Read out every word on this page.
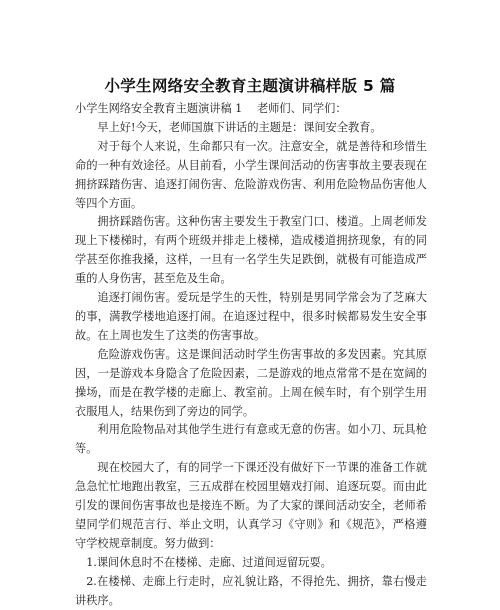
小学生网络安全教育主题演讲稿样版 5 篇

小学生网络安全教育主题演讲稿 1　 老师们、同学们：

早上好!今天，老师国旗下讲话的主题是：课间安全教育。

对于每个人来说，生命都只有一次。注意安全，就是善待和珍惜生命的一种有效途径。从目前看，小学生课间活动的伤害事故主要表现在拥挤踩踏伤害、追逐打闹伤害、危险游戏伤害、利用危险物品伤害他人等四个方面。

拥挤踩踏伤害。这种伤害主要发生于教室门口、楼道。上周老师发现上下楼梯时，有两个班级并排走上楼梯，造成楼道拥挤现象，有的同学甚至你推我搡，这样，一旦有一名学生失足跌倒，就极有可能造成严重的人身伤害，甚至危及生命。

追逐打闹伤害。爱玩是学生的天性，特别是男同学常会为了芝麻大的事，满教学楼地追逐打闹。在追逐过程中，很多时候都易发生安全事故。在上周也发生了这类的伤害事故。

危险游戏伤害。这是课间活动时学生伤害事故的多发因素。究其原因，一是游戏本身隐含了危险因素，二是游戏的地点常常不是在宽阔的操场，而是在教学楼的走廊上、教室前。上周在候车时，有个别学生用衣服甩人，结果伤到了旁边的同学。

利用危险物品对其他学生进行有意或无意的伤害。如小刀、玩具枪等。

现在校园大了，有的同学一下课还没有做好下一节课的准备工作就急急忙忙地跑出教室，三五成群在校园里嬉戏打闹、追逐玩耍。而由此引发的课间伤害事故也是接连不断。为了大家的课间活动安全，老师希望同学们规范言行、举止文明，认真学习《守则》和《规范》，严格遵守学校规章制度。努力做到：

1.课间休息时不在楼梯、走廊、过道间逗留玩耍。

2.在楼梯、走廊上行走时，应礼貌让路，不得抢先、拥挤，靠右慢走讲秩序。
